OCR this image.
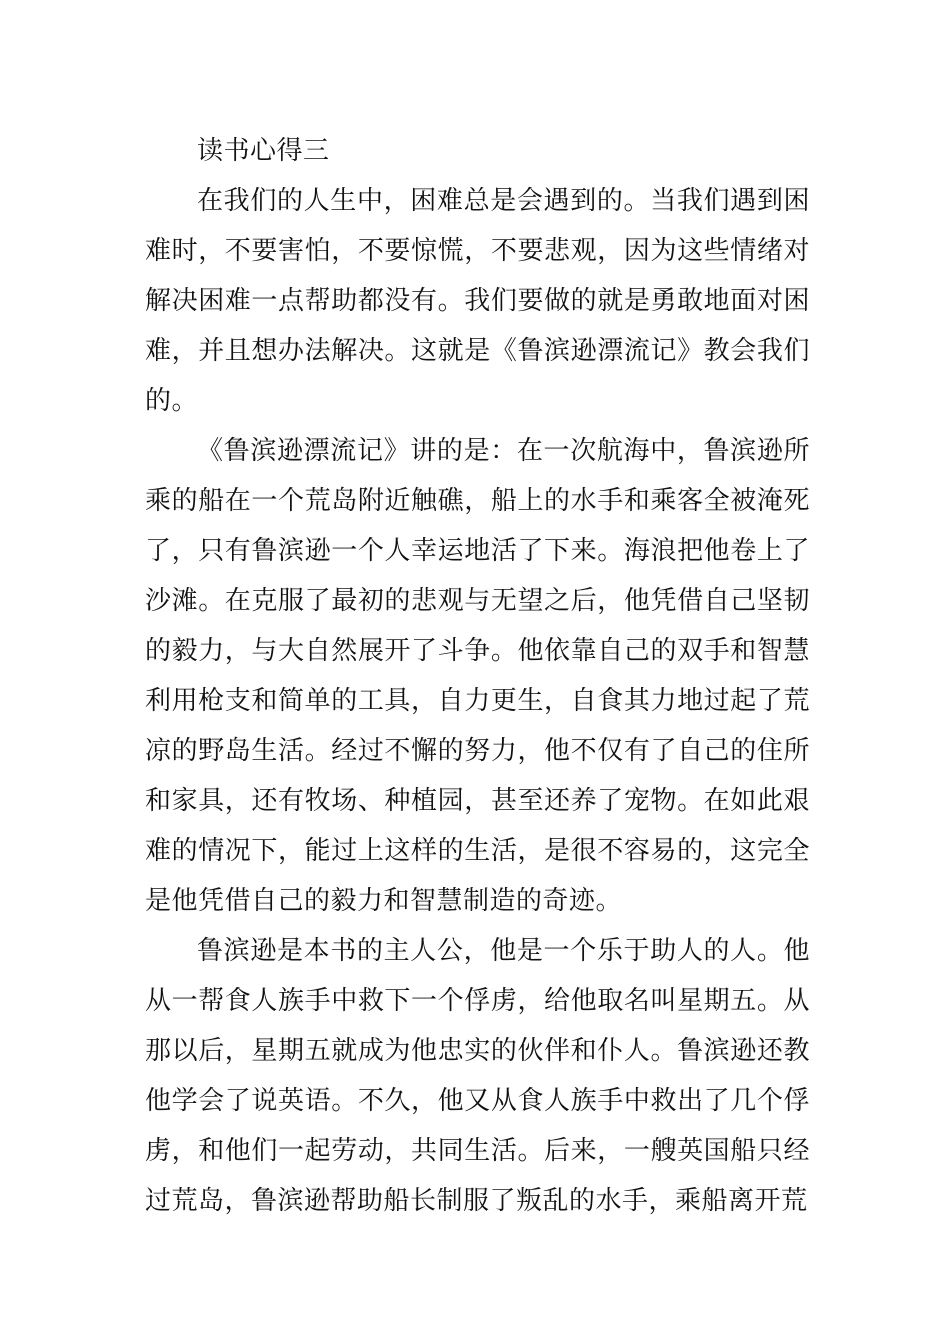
读书心得三

在我们的人生中，困难总是会遇到的。当我们遇到困难时，不要害怕，不要惊慌，不要悲观，因为这些情绪对解决困难一点帮助都没有。我们要做的就是勇敢地面对困难，并且想办法解决。这就是《鲁滨逊漂流记》教会我们的。

《鲁滨逊漂流记》讲的是：在一次航海中，鲁滨逊所乘的船在一个荒岛附近触礁，船上的水手和乘客全被淹死了，只有鲁滨逊一个人幸运地活了下来。海浪把他卷上了沙滩。在克服了最初的悲观与无望之后，他凭借自己坚韧的毅力，与大自然展开了斗争。他依靠自己的双手和智慧利用枪支和简单的工具，自力更生，自食其力地过起了荒凉的野岛生活。经过不懈的努力，他不仅有了自己的住所和家具，还有牧场、种植园，甚至还养了宠物。在如此艰难的情况下，能过上这样的生活，是很不容易的，这完全是他凭借自己的毅力和智慧制造的奇迹。

鲁滨逊是本书的主人公，他是一个乐于助人的人。他从一帮食人族手中救下一个俘虏，给他取名叫星期五。从那以后，星期五就成为他忠实的伙伴和仆人。鲁滨逊还教他学会了说英语。不久，他又从食人族手中救出了几个俘虏，和他们一起劳动，共同生活。后来，一艘英国船只经过荒岛，鲁滨逊帮助船长制服了叛乱的水手，乘船离开荒
